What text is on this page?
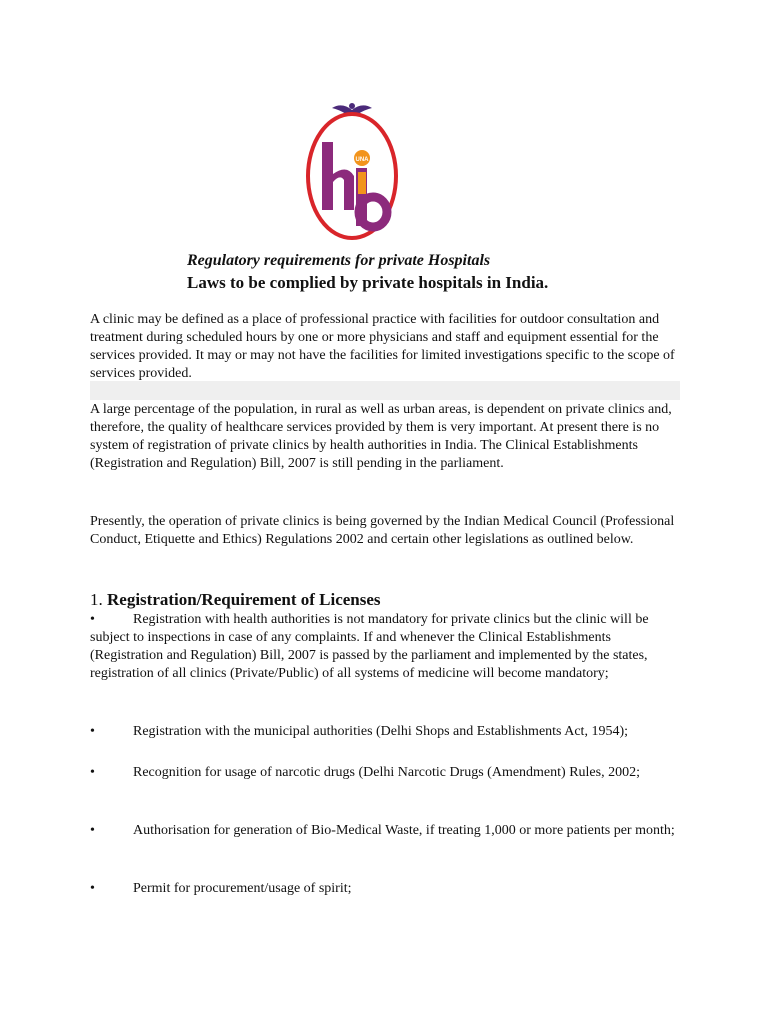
UNA
Regulatory requirements for private Hospitals
Laws to be complied by private hospitals in India.

A clinic may be defined as a place of professional practice with facilities for outdoor consultation and treatment during scheduled hours by one or more physicians and staff and equipment essential for the services provided. It may or may not have the facilities for limited investigations specific to the scope of services provided.

A large percentage of the population, in rural as well as urban areas, is dependent on private clinics and, therefore, the quality of healthcare services provided by them is very important. At present there is no system of registration of private clinics by health authorities in India. The Clinical Establishments (Registration and Regulation) Bill, 2007 is still pending in the parliament.

Presently, the operation of private clinics is being governed by the Indian Medical Council (Professional Conduct, Etiquette and Ethics) Regulations 2002 and certain other legislations as outlined below.

1. Registration/Requirement of Licenses

•	Registration with health authorities is not mandatory for private clinics but the clinic will be subject to inspections in case of any complaints. If and whenever the Clinical Establishments (Registration and Regulation) Bill, 2007 is passed by the parliament and implemented by the states, registration of all clinics (Private/Public) of all systems of medicine will become mandatory;

•	Registration with the municipal authorities (Delhi Shops and Establishments Act, 1954);

•	Recognition for usage of narcotic drugs (Delhi Narcotic Drugs (Amendment) Rules, 2002;

•	Authorisation for generation of Bio-Medical Waste, if treating 1,000 or more patients per month;

•	Permit for procurement/usage of spirit;
